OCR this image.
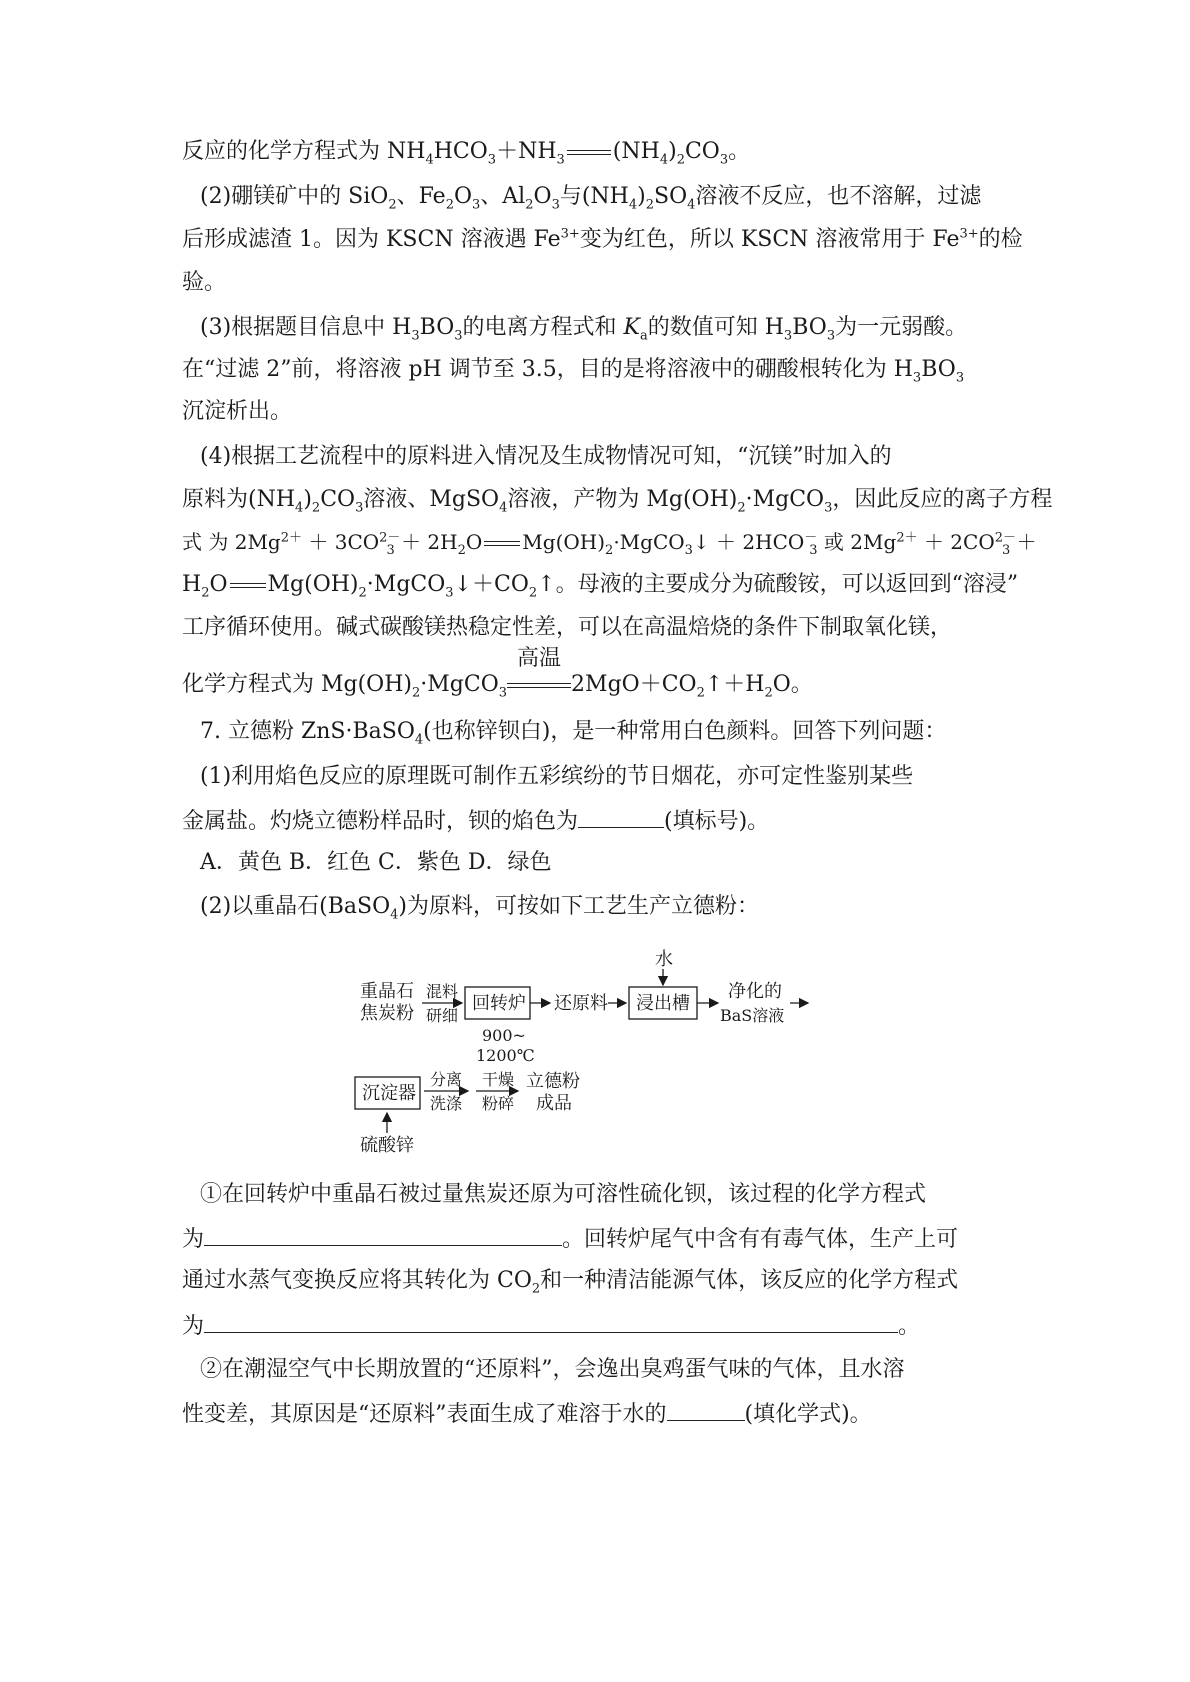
反应的化学方程式为 $NH_4HCO_3+NH_3$ $(NH_4)_2CO_3$。
(2)硼镁矿中的 SiO$_2$、$Fe_2O_3$、$Al_2O_3$与$(NH_4)_2SO_4$溶液不反应，也不溶解，过滤
后形成滤渣 1。因为 KSCN 溶液遇 $Fe^{3+}$变为红色，所以 KSCN 溶液常用于 $Fe^{3+}$的检
验。
(3)根据题目信息中 $H_3BO_3$的电离方程式和 $K_a$的数值可知 $H_3BO_3$为一元弱酸。
在“过滤 2”前，将溶液 pH 调节至 3.5，目的是将溶液中的硼酸根转化为 $H_3BO_3$
沉淀析出。
(4)根据工艺流程中的原料进入情况及生成物情况可知，“沉镁”时加入的
原料为$(NH_4)_2CO_3$溶液、MgSO$_4$溶液，产物为 $Mg(OH)_2\cdot MgCO_3$，因此反应的离子方程
式 为 $2Mg^{2+} + 3CO^{2-}_3 + 2H_2O$ $Mg(OH)_2\cdot MgCO_3↓ + 2HCO^-_3$ 或 $2Mg^{2+} + 2CO^{2-}_3$ ＋
$H_2O$ $Mg(OH)_2\cdot MgCO_3↓+CO_2↑$。母液的主要成分为硫酸铵，可以返回到“溶浸”
工序循环使用。碱式碳酸镁热稳定性差，可以在高温焙烧的条件下制取氧化镁，
化学方程式为 $Mg(OH)_2\cdot MgCO_3$
高温
$2MgO+CO_2↑+H_2O$。
7. 立德粉 ZnS·BaSO$_4$(也称锌钡白)，是一种常用白色颜料。回答下列问题：
(1)利用焰色反应的原理既可制作五彩缤纷的节日烟花，亦可定性鉴别某些
金属盐。灼烧立德粉样品时，钡的焰色为	(填标号)。
A．黄色 B．红色 C．紫色 D．绿色
(2)以重晶石(BaSO$_4$)为原料，可按如下工艺生产立德粉：
重晶石
焦炭粉
混料
研细
回转炉
900~
1200℃
还原料
水
浸出槽
净化的
BaS溶液
沉淀器
分离
洗涤
干燥
粉碎
立德粉
成品
硫酸锌
①在回转炉中重晶石被过量焦炭还原为可溶性硫化钡，该过程的化学方程式
为	。回转炉尾气中含有有毒气体，生产上可
通过水蒸气变换反应将其转化为 $CO_2$和一种清洁能源气体，该反应的化学方程式
为	。
②在潮湿空气中长期放置的“还原料”，会逸出臭鸡蛋气味的气体，且水溶
性变差，其原因是“还原料”表面生成了难溶于水的	(填化学式)。
